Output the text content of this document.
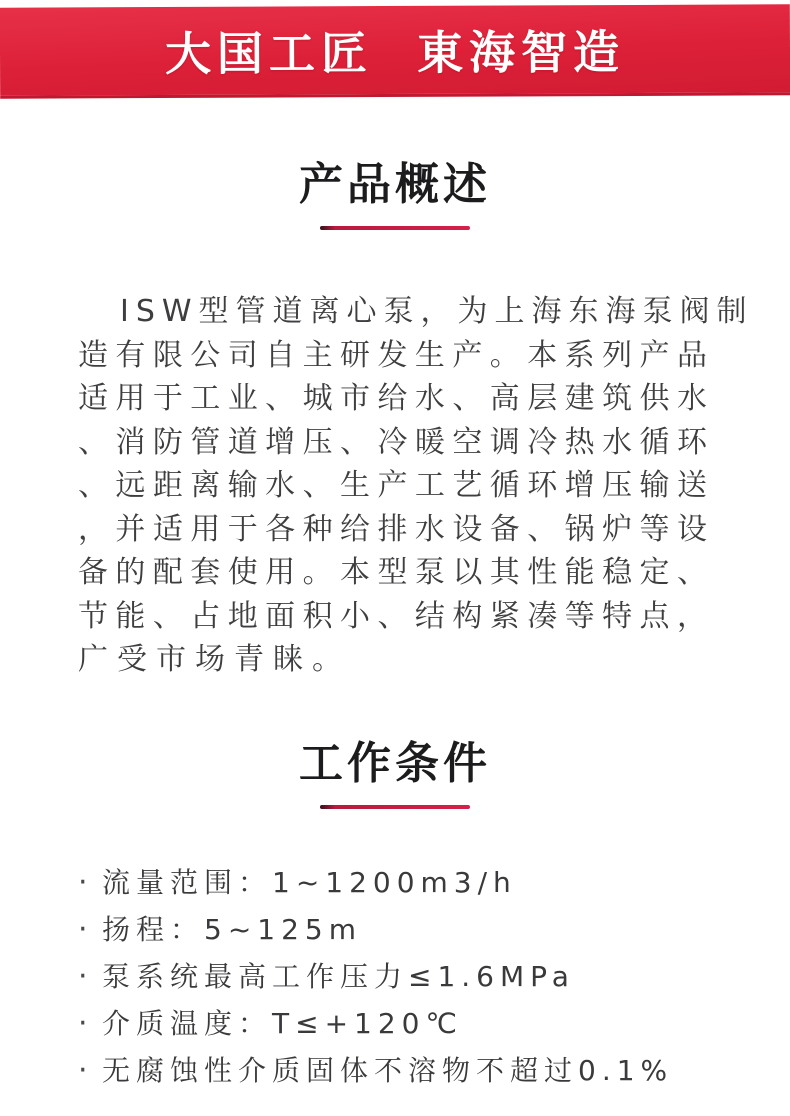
大国工匠  東海智造
产品概述
ISW型管道离心泵，为上海东海泵阀制
造有限公司自主研发生产。本系列产品
适用于工业、城市给水、高层建筑供水
、消防管道增压、冷暖空调冷热水循环
、远距离输水、生产工艺循环增压输送
，并适用于各种给排水设备、锅炉等设
备的配套使用。本型泵以其性能稳定、
节能、占地面积小、结构紧凑等特点，
广受市场青睐。
工作条件
· 流量范围：1~1200m3/h
· 扬程：5~125m
· 泵系统最高工作压力≤1.6MPa
· 介质温度：T≤+120℃
· 无腐蚀性介质固体不溶物不超过0.1%
